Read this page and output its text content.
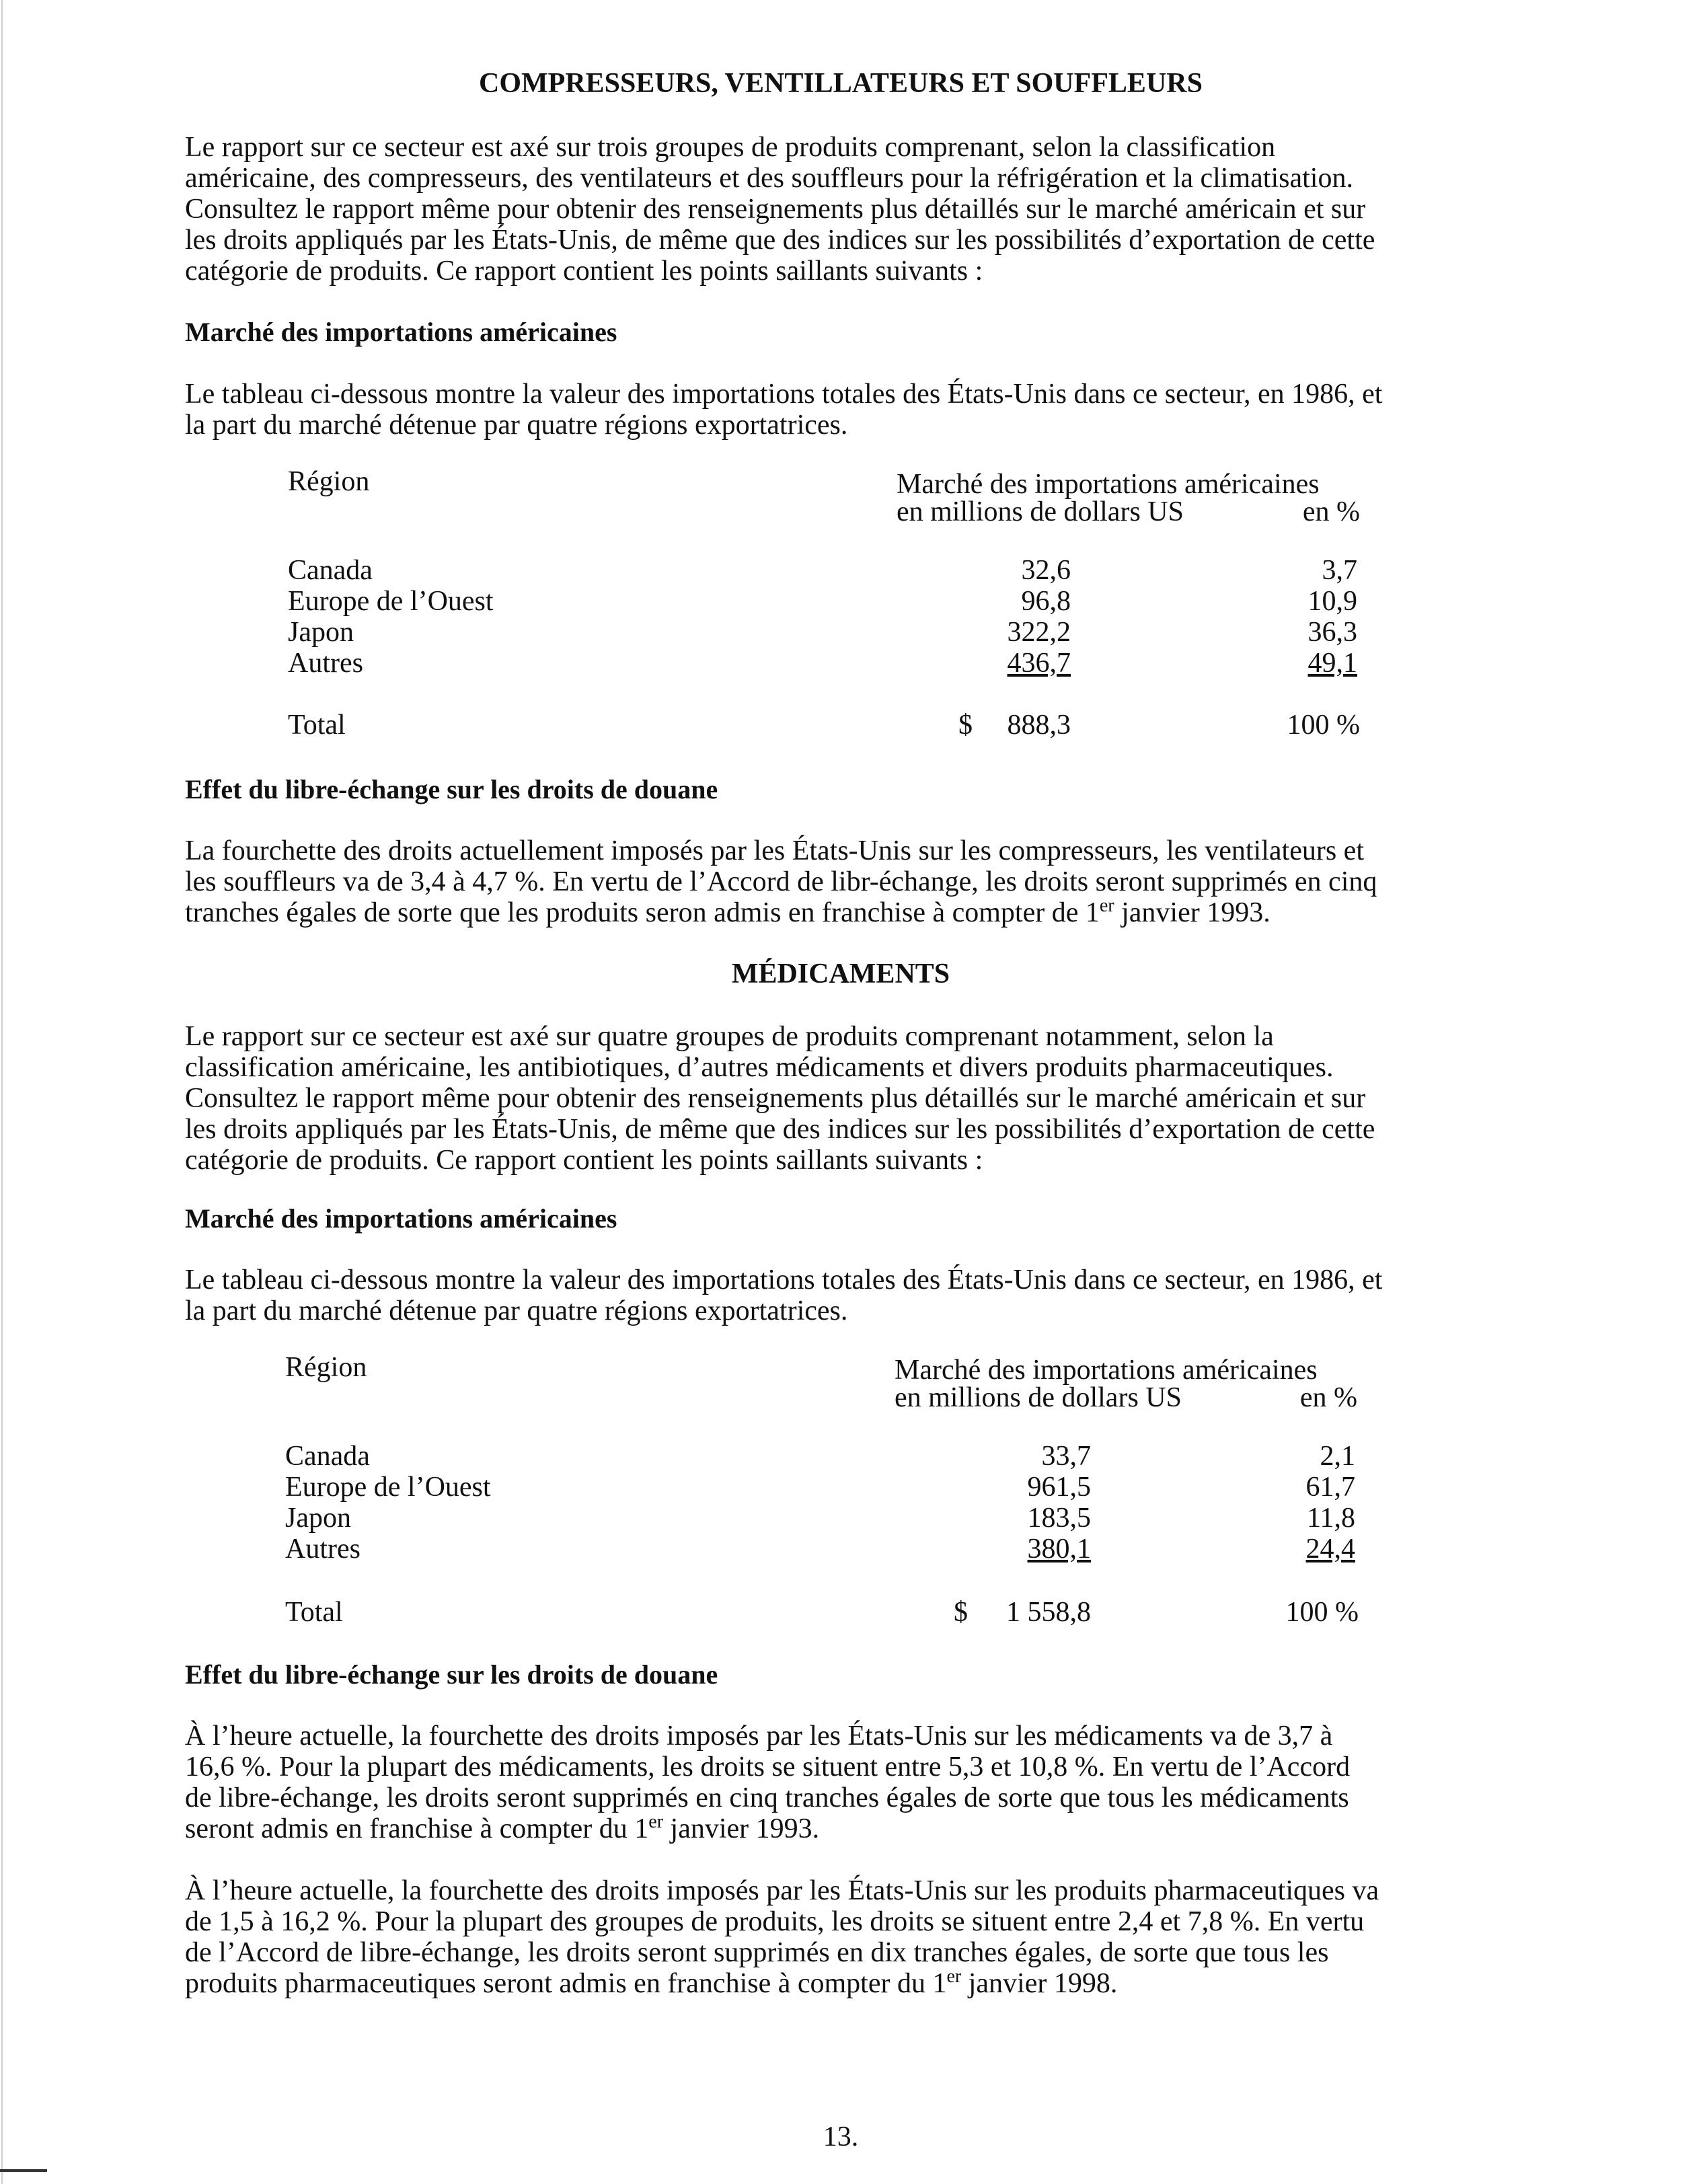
COMPRESSEURS, VENTILLATEURS ET SOUFFLEURS

Le rapport sur ce secteur est axé sur trois groupes de produits comprenant, selon la classification

américaine, des compresseurs, des ventilateurs et des souffleurs pour la réfrigération et la climatisation.

Consultez le rapport même pour obtenir des renseignements plus détaillés sur le marché américain et sur

les droits appliqués par les États-Unis, de même que des indices sur les possibilités d’exportation de cette

catégorie de produits. Ce rapport contient les points saillants suivants :

Marché des importations américaines

Le tableau ci-dessous montre la valeur des importations totales des États-Unis dans ce secteur, en 1986, et

la part du marché détenue par quatre régions exportatrices.

Région	Marché des importations américaines
en millions de dollars US	en %
Canada	32,6	3,7
Europe de l’Ouest	96,8	10,9
Japon	322,2	36,3
Autres	436,7	49,1
Total	$	888,3	100 %
Effet du libre-échange sur les droits de douane

La fourchette des droits actuellement imposés par les États-Unis sur les compresseurs, les ventilateurs et

les souffleurs va de 3,4 à 4,7 %. En vertu de l’Accord de libr-échange, les droits seront supprimés en cinq

tranches égales de sorte que les produits seron admis en franchise à compter de 1er janvier 1993.

MÉDICAMENTS

Le rapport sur ce secteur est axé sur quatre groupes de produits comprenant notamment, selon la

classification américaine, les antibiotiques, d’autres médicaments et divers produits pharmaceutiques.

Consultez le rapport même pour obtenir des renseignements plus détaillés sur le marché américain et sur

les droits appliqués par les États-Unis, de même que des indices sur les possibilités d’exportation de cette

catégorie de produits. Ce rapport contient les points saillants suivants :

Marché des importations américaines

Le tableau ci-dessous montre la valeur des importations totales des États-Unis dans ce secteur, en 1986, et

la part du marché détenue par quatre régions exportatrices.

Région	Marché des importations américaines
en millions de dollars US	en %
Canada	33,7	2,1
Europe de l’Ouest	961,5	61,7
Japon	183,5	11,8
Autres	380,1	24,4
Total	$	1 558,8	100 %
Effet du libre-échange sur les droits de douane

À l’heure actuelle, la fourchette des droits imposés par les États-Unis sur les médicaments va de 3,7 à

16,6 %. Pour la plupart des médicaments, les droits se situent entre 5,3 et 10,8 %. En vertu de l’Accord

de libre-échange, les droits seront supprimés en cinq tranches égales de sorte que tous les médicaments

seront admis en franchise à compter du 1er janvier 1993.

À l’heure actuelle, la fourchette des droits imposés par les États-Unis sur les produits pharmaceutiques va

de 1,5 à 16,2 %. Pour la plupart des groupes de produits, les droits se situent entre 2,4 et 7,8 %. En vertu

de l’Accord de libre-échange, les droits seront supprimés en dix tranches égales, de sorte que tous les

produits pharmaceutiques seront admis en franchise à compter du 1er janvier 1998.

13.
